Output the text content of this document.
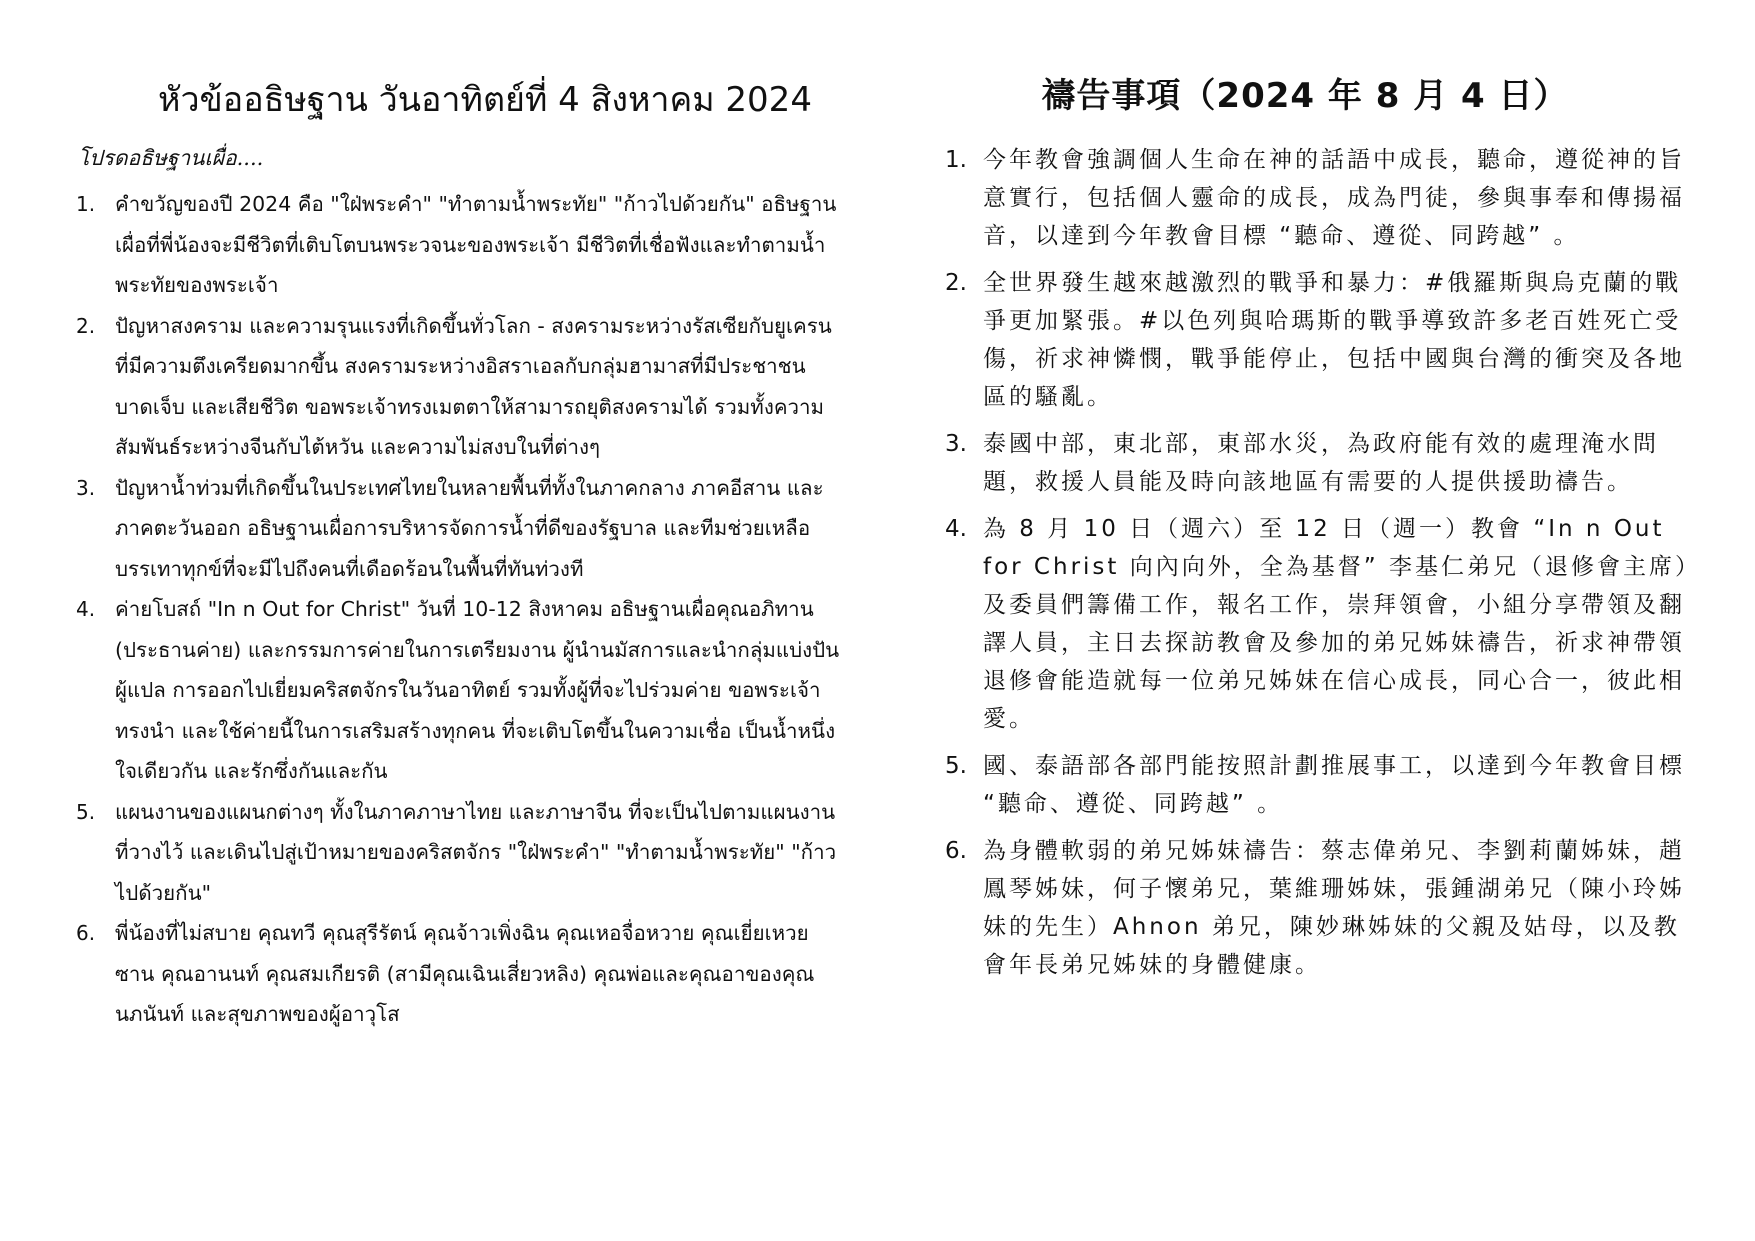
หัวข้ออธิษฐาน วันอาทิตย์ที่ 4 สิงหาคม 2024

โปรดอธิษฐานเผื่อ....

1. คำขวัญของปี 2024 คือ "ใฝ่พระคำ" "ทำตามน้ำพระทัย" "ก้าวไปด้วยกัน" อธิษฐานเผื่อที่พี่น้องจะมีชีวิตที่เติบโตบนพระวจนะของพระเจ้า มีชีวิตที่เชื่อฟังและทำตามน้ำพระทัยของพระเจ้า
2. ปัญหาสงคราม และความรุนแรงที่เกิดขึ้นทั่วโลก - สงครามระหว่างรัสเซียกับยูเครนที่มีความตึงเครียดมากขึ้น สงครามระหว่างอิสราเอลกับกลุ่มฮามาสที่มีประชาชนบาดเจ็บ และเสียชีวิต ขอพระเจ้าทรงเมตตาให้สามารถยุติสงครามได้ รวมทั้งความสัมพันธ์ระหว่างจีนกับไต้หวัน และความไม่สงบในที่ต่างๆ
3. ปัญหาน้ำท่วมที่เกิดขึ้นในประเทศไทยในหลายพื้นที่ทั้งในภาคกลาง ภาคอีสาน และภาคตะวันออก อธิษฐานเผื่อการบริหารจัดการน้ำที่ดีของรัฐบาล และทีมช่วยเหลือบรรเทาทุกข์ที่จะมีไปถึงคนที่เดือดร้อนในพื้นที่ทันท่วงที
4. ค่ายโบสถ์ "In n Out for Christ" วันที่ 10-12 สิงหาคม อธิษฐานเผื่อคุณอภิทาน (ประธานค่าย) และกรรมการค่ายในการเตรียมงาน ผู้นำนมัสการและนำกลุ่มแบ่งปัน ผู้แปล การออกไปเยี่ยมคริสตจักรในวันอาทิตย์ รวมทั้งผู้ที่จะไปร่วมค่าย ขอพระเจ้าทรงนำ และใช้ค่ายนี้ในการเสริมสร้างทุกคน ที่จะเติบโตขึ้นในความเชื่อ เป็นน้ำหนึ่งใจเดียวกัน และรักซึ่งกันและกัน
5. แผนงานของแผนกต่างๆ ทั้งในภาคภาษาไทย และภาษาจีน ที่จะเป็นไปตามแผนงานที่วางไว้ และเดินไปสู่เป้าหมายของคริสตจักร "ใฝ่พระคำ" "ทำตามน้ำพระทัย" "ก้าวไปด้วยกัน"
6. พี่น้องที่ไม่สบาย คุณทวี คุณสุรีรัตน์ คุณจ้าวเพิ่งฉิน คุณเหอจื่อหวาย คุณเยี่ยเหวยซาน คุณอานนท์ คุณสมเกียรติ (สามีคุณเฉินเสี่ยวหลิง) คุณพ่อและคุณอาของคุณนภนันท์ และสุขภาพของผู้อาวุโส
禱告事項（2024 年 8 月 4 日）
1. 今年教會強調個人生命在神的話語中成長，聽命，遵從神的旨意實行，包括個人靈命的成長，成為門徒，參與事奉和傳揚福音，以達到今年教會目標 “聽命、遵從、同跨越” 。
2. 全世界發生越來越激烈的戰爭和暴力：#俄羅斯與烏克蘭的戰爭更加緊張。#以色列與哈瑪斯的戰爭導致許多老百姓死亡受傷，祈求神憐憫，戰爭能停止，包括中國與台灣的衝突及各地區的騷亂。
3. 泰國中部，東北部，東部水災，為政府能有效的處理淹水問題，救援人員能及時向該地區有需要的人提供援助禱告。
4. 為 8 月 10 日（週六）至 12 日（週一）教會 “In n Out for Christ 向內向外，全為基督” 李基仁弟兄（退修會主席）及委員們籌備工作，報名工作，崇拜領會，小組分享帶領及翻譯人員，主日去探訪教會及參加的弟兄姊妹禱告，祈求神帶領退修會能造就每一位弟兄姊妹在信心成長，同心合一，彼此相愛。
5. 國、泰語部各部門能按照計劃推展事工，以達到今年教會目標 “聽命、遵從、同跨越” 。
6. 為身體軟弱的弟兄姊妹禱告：蔡志偉弟兄、李劉莉蘭姊妹，趙鳳琴姊妹，何子懷弟兄，葉維珊姊妹，張鍾湖弟兄（陳小玲姊妹的先生）Ahnon 弟兄，陳妙琳姊妹的父親及姑母，以及教會年長弟兄姊妹的身體健康。
